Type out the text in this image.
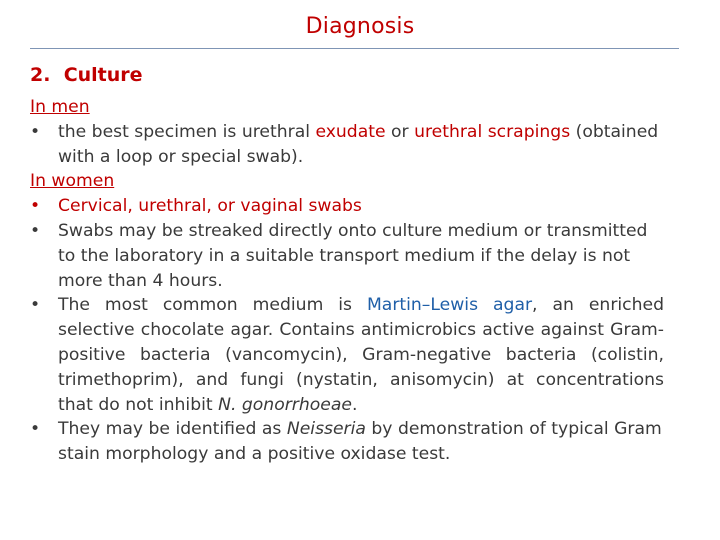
Diagnosis
2. Culture
In men
• the best specimen is urethral exudate or urethral scrapings (obtained with a loop or special swab).
In women
• Cervical, urethral, or vaginal swabs
• Swabs may be streaked directly onto culture medium or transmitted to the laboratory in a suitable transport medium if the delay is not more than 4 hours.
• The most common medium is Martin–Lewis agar, an enriched selective chocolate agar. Contains antimicrobics active against Gram-positive bacteria (vancomycin), Gram-negative bacteria (colistin, trimethoprim), and fungi (nystatin, anisomycin) at concentrations that do not inhibit N. gonorrhoeae.
• They may be identified as Neisseria by demonstration of typical Gram stain morphology and a positive oxidase test.
